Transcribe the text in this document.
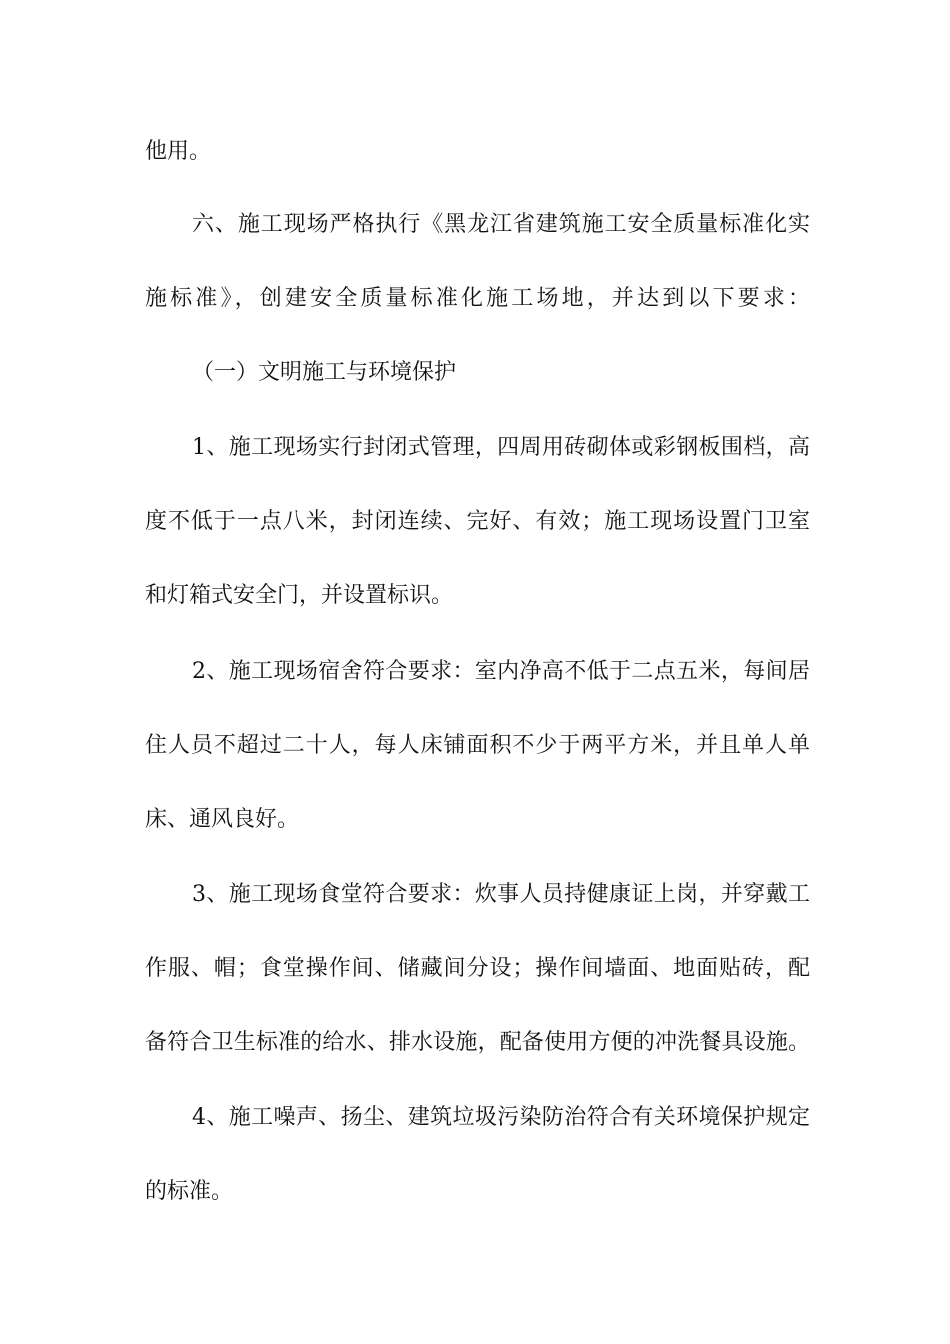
他用。
六、施工现场严格执行《黑龙江省建筑施工安全质量标准化实
施标准》，创建安全质量标准化施工场地，并达到以下要求：
（一）文明施工与环境保护
1、施工现场实行封闭式管理，四周用砖砌体或彩钢板围档，高
度不低于一点八米，封闭连续、完好、有效；施工现场设置门卫室
和灯箱式安全门，并设置标识。
2、施工现场宿舍符合要求：室内净高不低于二点五米，每间居
住人员不超过二十人，每人床铺面积不少于两平方米，并且单人单
床、通风良好。
3、施工现场食堂符合要求：炊事人员持健康证上岗，并穿戴工
作服、帽；食堂操作间、储藏间分设；操作间墙面、地面贴砖，配
备符合卫生标准的给水、排水设施，配备使用方便的冲洗餐具设施。
4、施工噪声、扬尘、建筑垃圾污染防治符合有关环境保护规定
的标准。
